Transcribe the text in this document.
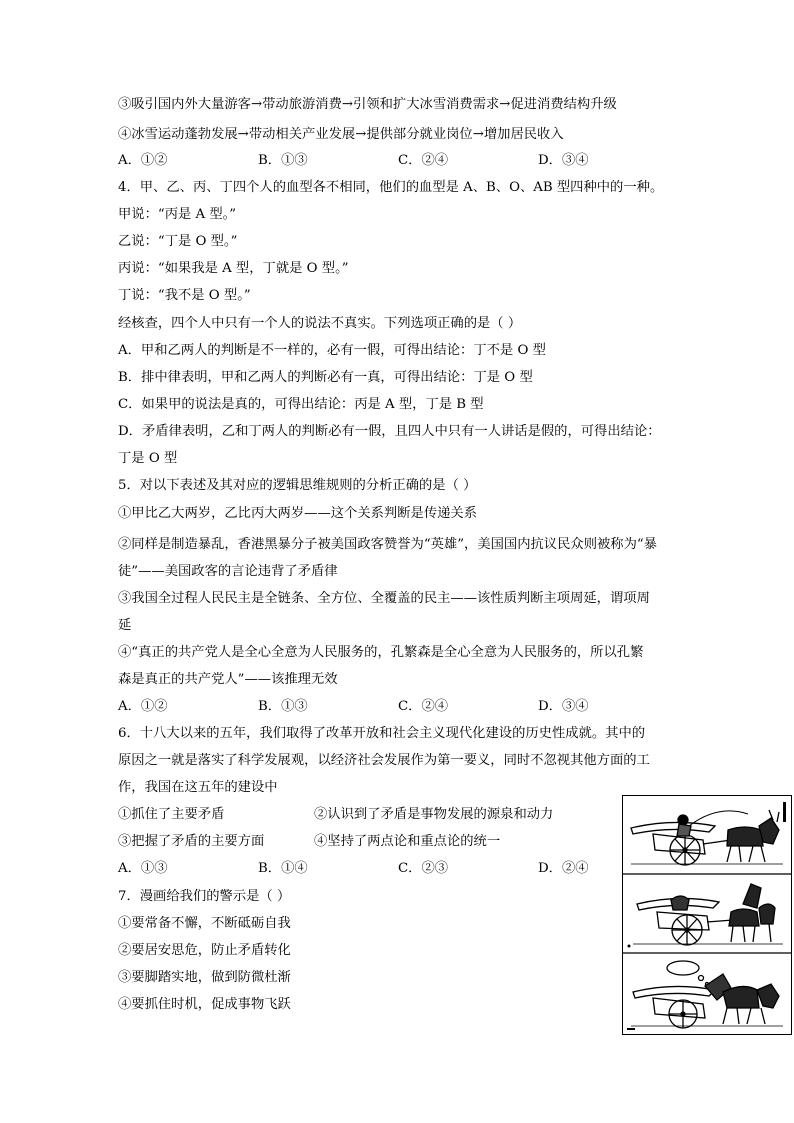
③吸引国内外大量游客→带动旅游消费→引领和扩大冰雪消费需求→促进消费结构升级
④冰雪运动蓬勃发展→带动相关产业发展→提供部分就业岗位→增加居民收入
A．①②	B．①③	C．②④	D．③④
4．甲、乙、丙、丁四个人的血型各不相同，他们的血型是 A、B、O、AB 型四种中的一种。
甲说：“丙是 A 型。”
乙说：“丁是 O 型。”
丙说：“如果我是 A 型，丁就是 O 型。”
丁说：“我不是 O 型。”
经核查，四个人中只有一个人的说法不真实。下列选项正确的是（ ）
A．甲和乙两人的判断是不一样的，必有一假，可得出结论：丁不是 O 型
B．排中律表明，甲和乙两人的判断必有一真，可得出结论：丁是 O 型
C．如果甲的说法是真的，可得出结论：丙是 A 型，丁是 B 型
D．矛盾律表明，乙和丁两人的判断必有一假，且四人中只有一人讲话是假的，可得出结论：
丁是 O 型
5．对以下表述及其对应的逻辑思维规则的分析正确的是（ ）
①甲比乙大两岁，乙比丙大两岁——这个关系判断是传递关系
②同样是制造暴乱，香港黑暴分子被美国政客赞誉为“英雄”，美国国内抗议民众则被称为“暴
徒”——美国政客的言论违背了矛盾律
③我国全过程人民民主是全链条、全方位、全覆盖的民主——该性质判断主项周延，谓项周
延
④“真正的共产党人是全心全意为人民服务的，孔繁森是全心全意为人民服务的，所以孔繁
森是真正的共产党人”——该推理无效
A．①②	B．①③	C．②④	D．③④
6．十八大以来的五年，我们取得了改革开放和社会主义现代化建设的历史性成就。其中的
原因之一就是落实了科学发展观，以经济社会发展作为第一要义，同时不忽视其他方面的工
作，我国在这五年的建设中
①抓住了主要矛盾	②认识到了矛盾是事物发展的源泉和动力
③把握了矛盾的主要方面	④坚持了两点论和重点论的统一
A．①③	B．①④	C．②③	D．②④
7．漫画给我们的警示是（ ）
①要常备不懈，不断砥砺自我
②要居安思危，防止矛盾转化
③要脚踏实地，做到防微杜渐
④要抓住时机，促成事物飞跃
